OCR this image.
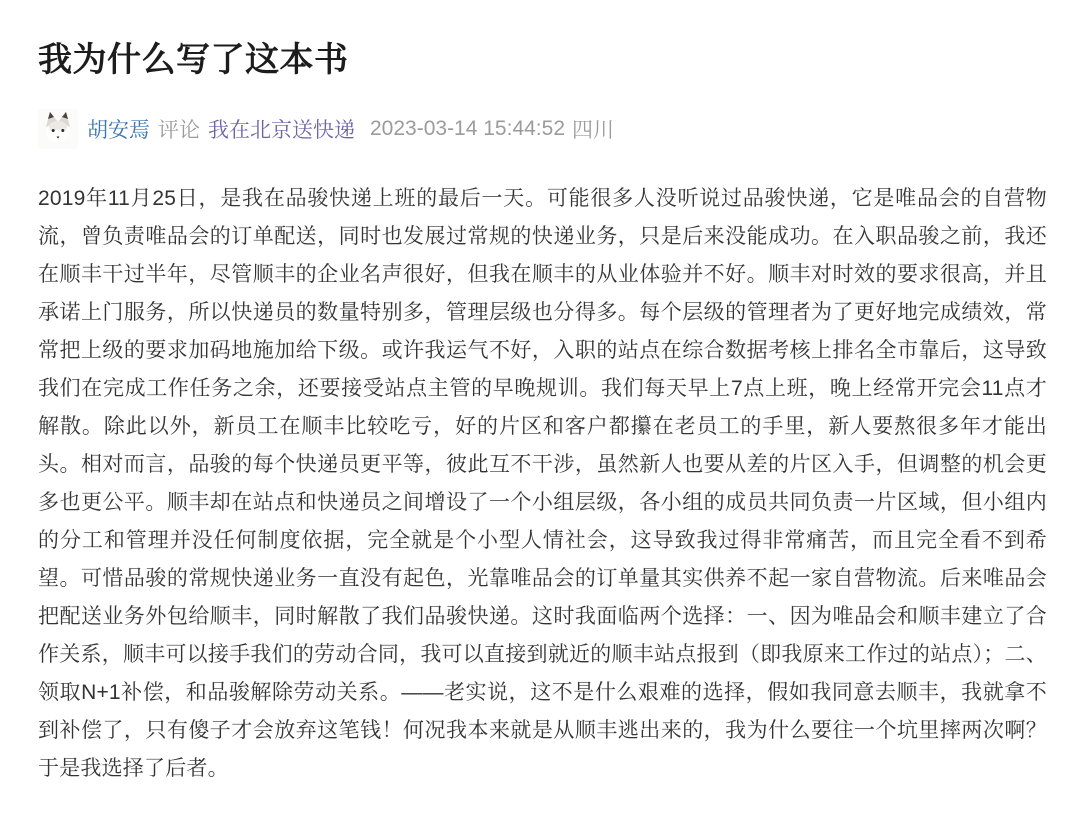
我为什么写了这本书
胡安焉 评论 我在北京送快递 2023-03-14 15:44:52 四川

2019年11月25日，是我在品骏快递上班的最后一天。可能很多人没听说过品骏快递，它是唯品会的自营物流，曾负责唯品会的订单配送，同时也发展过常规的快递业务，只是后来没能成功。在入职品骏之前，我还在顺丰干过半年，尽管顺丰的企业名声很好，但我在顺丰的从业体验并不好。顺丰对时效的要求很高，并且承诺上门服务，所以快递员的数量特别多，管理层级也分得多。每个层级的管理者为了更好地完成绩效，常常把上级的要求加码地施加给下级。或许我运气不好，入职的站点在综合数据考核上排名全市靠后，这导致我们在完成工作任务之余，还要接受站点主管的早晚规训。我们每天早上7点上班，晚上经常开完会11点才解散。除此以外，新员工在顺丰比较吃亏，好的片区和客户都攥在老员工的手里，新人要熬很多年才能出头。相对而言，品骏的每个快递员更平等，彼此互不干涉，虽然新人也要从差的片区入手，但调整的机会更多也更公平。顺丰却在站点和快递员之间增设了一个小组层级，各小组的成员共同负责一片区域，但小组内的分工和管理并没任何制度依据，完全就是个小型人情社会，这导致我过得非常痛苦，而且完全看不到希望。可惜品骏的常规快递业务一直没有起色，光靠唯品会的订单量其实供养不起一家自营物流。后来唯品会把配送业务外包给顺丰，同时解散了我们品骏快递。这时我面临两个选择：一、因为唯品会和顺丰建立了合作关系，顺丰可以接手我们的劳动合同，我可以直接到就近的顺丰站点报到（即我原来工作过的站点）；二、领取N+1补偿，和品骏解除劳动关系。——老实说，这不是什么艰难的选择，假如我同意去顺丰，我就拿不到补偿了，只有傻子才会放弃这笔钱！何况我本来就是从顺丰逃出来的，我为什么要往一个坑里摔两次啊？于是我选择了后者。
